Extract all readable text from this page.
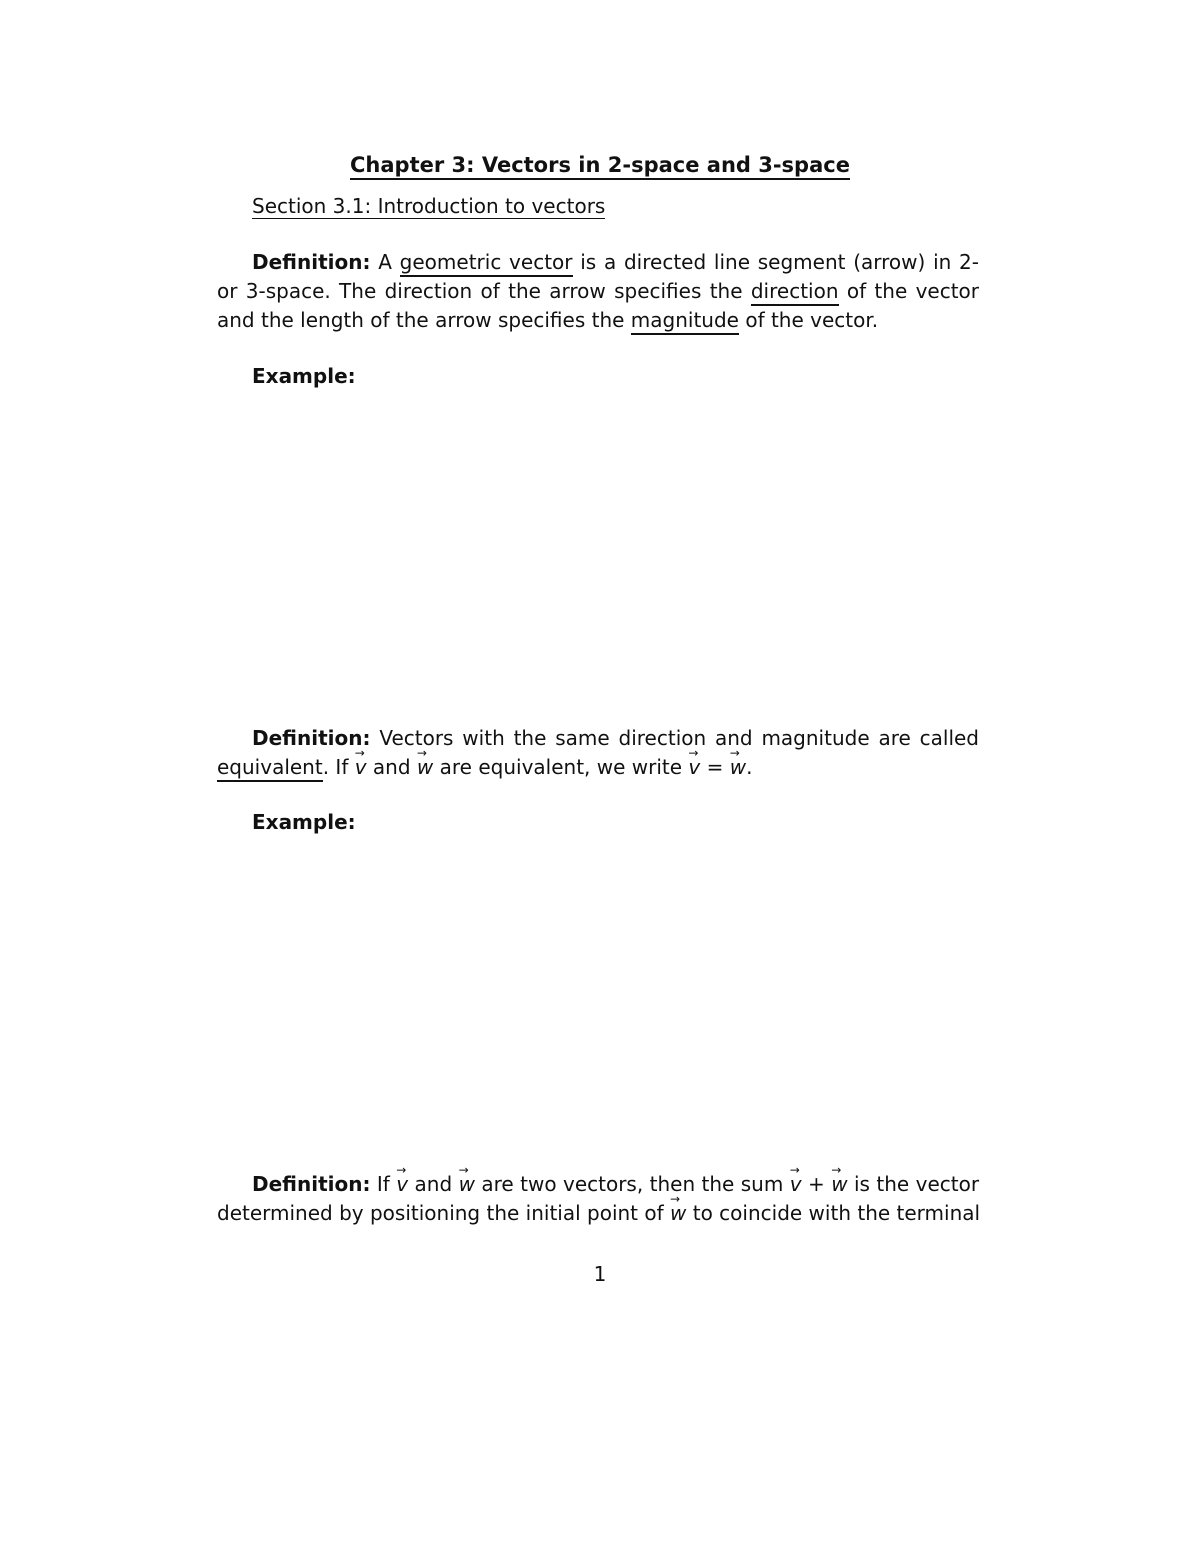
Chapter 3: Vectors in 2-space and 3-space
Section 3.1: Introduction to vectors
Definition: A geometric vector is a directed line segment (arrow) in 2-
or 3-space. The direction of the arrow specifies the direction of the vector
and the length of the arrow specifies the magnitude of the vector.
Example:
Definition: Vectors with the same direction and magnitude are called
equivalent. If → v and → w are equivalent, we write → v = → w.
Example:
Definition: If → v and → w are two vectors, then the sum → v + → w is the vector
determined by positioning the initial point of → w to coincide with the terminal
1
